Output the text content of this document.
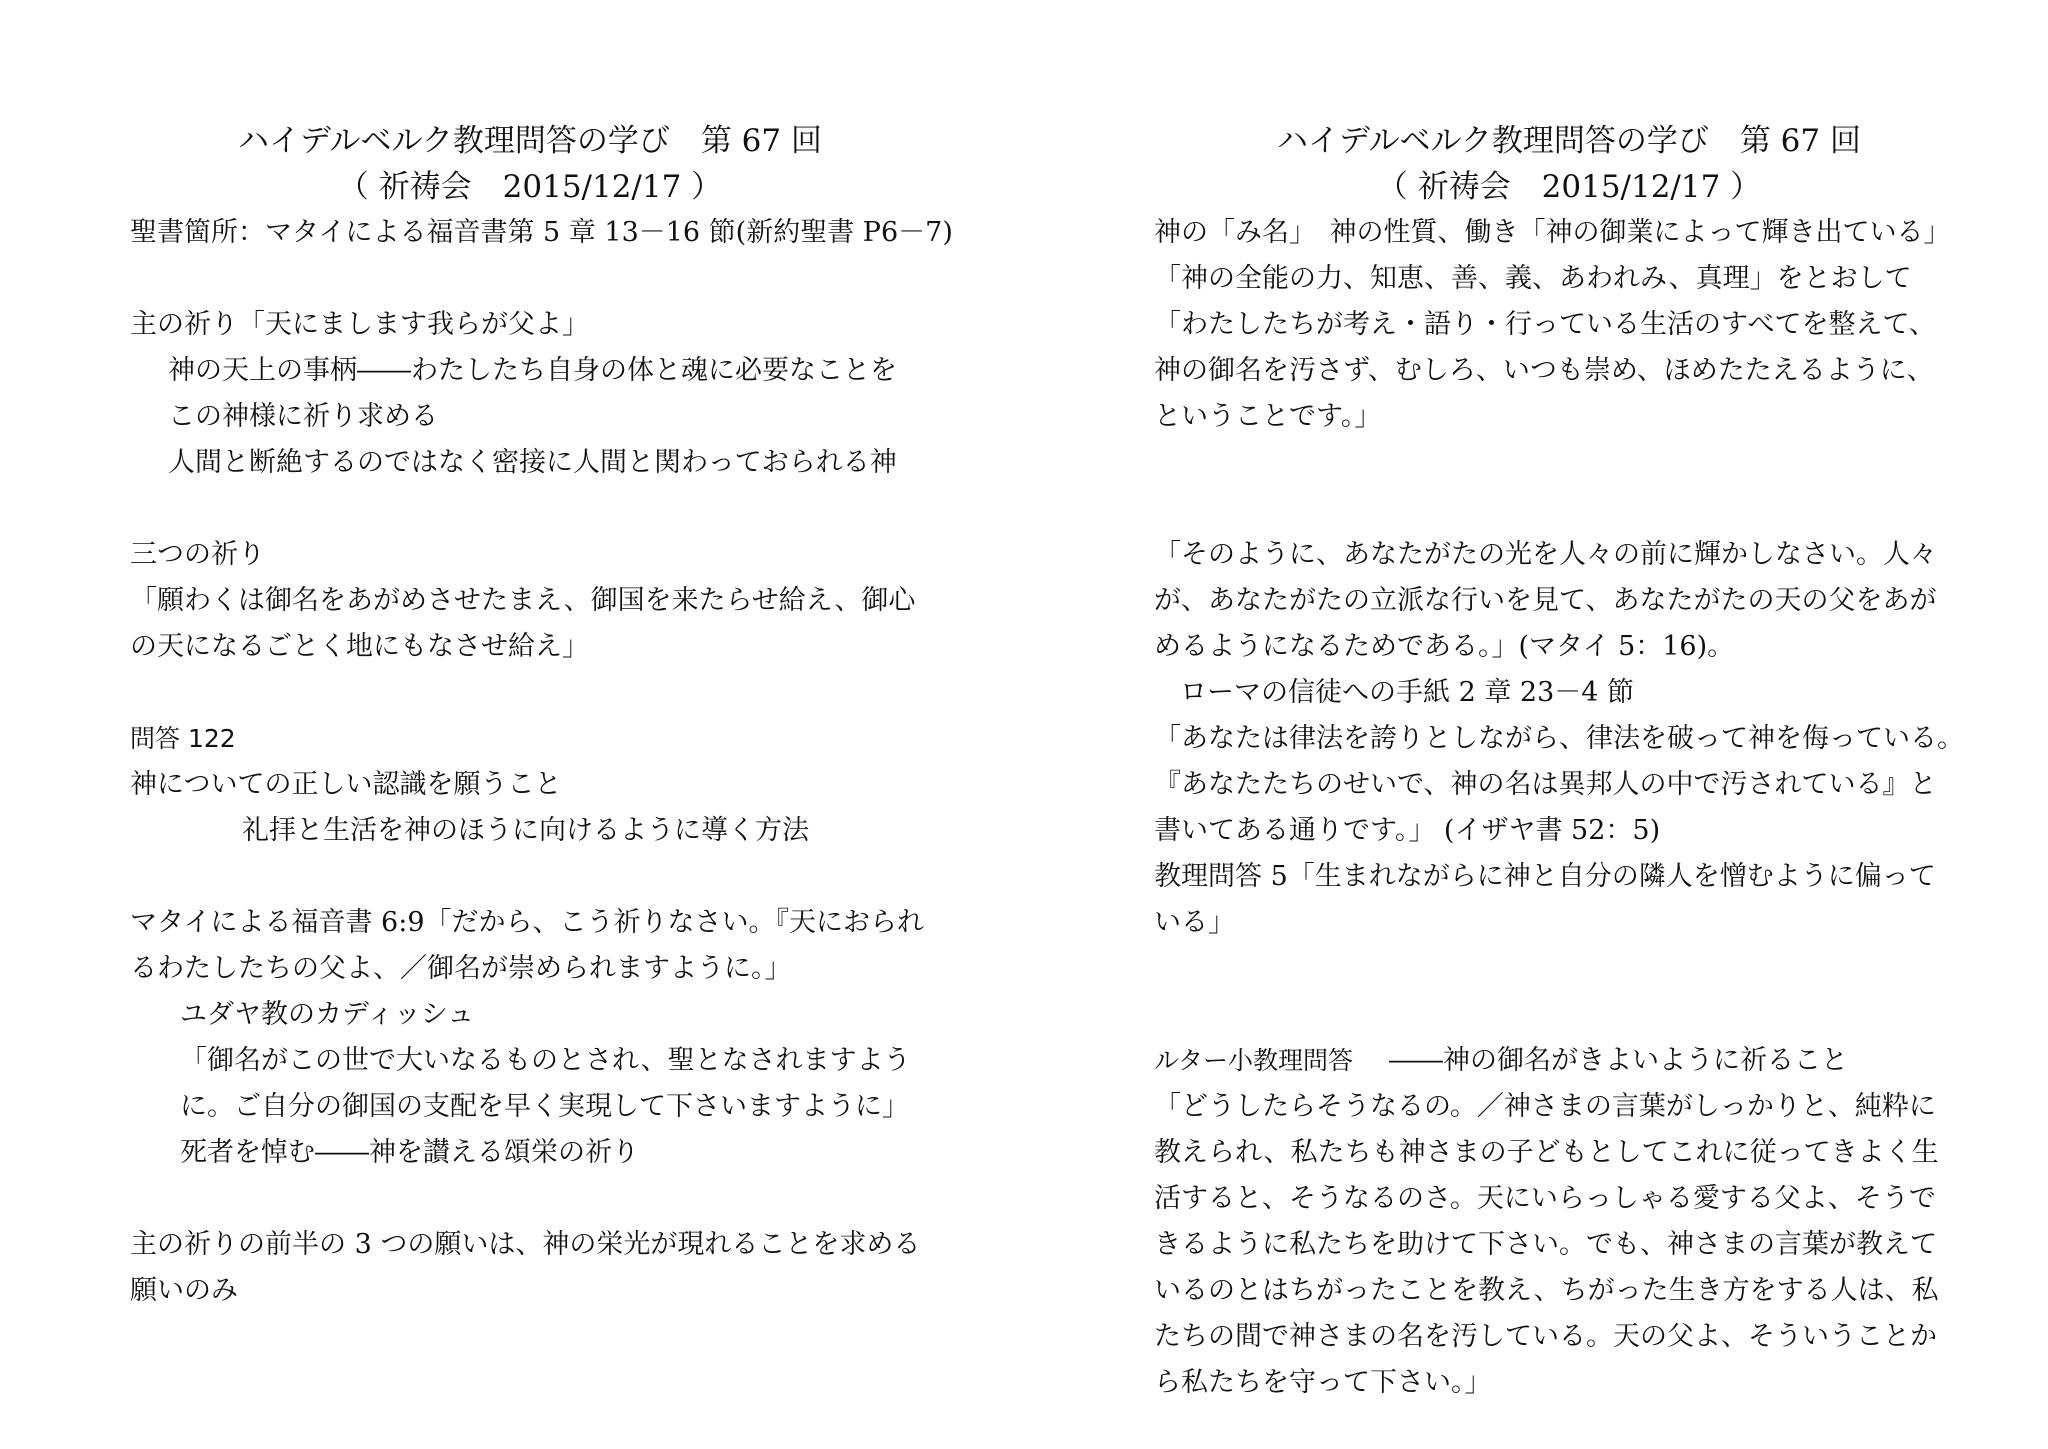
ハイデルベルク教理問答の学び　第 67 回
（ 祈祷会　2015/12/17 ）
聖書箇所：マタイによる福音書第 5 章 13－16 節(新約聖書 P6－7)
主の祈り「天にまします我らが父よ」
神の天上の事柄――わたしたち自身の体と魂に必要なことを
この神様に祈り求める
人間と断絶するのではなく密接に人間と関わっておられる神
三つの祈り
「願わくは御名をあがめさせたまえ、御国を来たらせ給え、御心
の天になるごとく地にもなさせ給え」
問答 122
神についての正しい認識を願うこと
礼拝と生活を神のほうに向けるように導く方法
マタイによる福音書 6:9「だから、こう祈りなさい。『天におられ
るわたしたちの父よ、／御名が崇められますように。」
ユダヤ教のカディッシュ
「御名がこの世で大いなるものとされ、聖となされますよう
に。ご自分の御国の支配を早く実現して下さいますように」
死者を悼む――神を讃える頌栄の祈り
主の祈りの前半の 3 つの願いは、神の栄光が現れることを求める
願いのみ
ハイデルベルク教理問答の学び　第 67 回
（ 祈祷会　2015/12/17 ）
神の「み名」　神の性質、働き「神の御業によって輝き出ている」
「神の全能の力、知恵、善、義、あわれみ、真理」をとおして
「わたしたちが考え・語り・行っている生活のすべてを整えて、
神の御名を汚さず、むしろ、いつも崇め、ほめたたえるように、
ということです。」
「そのように、あなたがたの光を人々の前に輝かしなさい。人々
が、あなたがたの立派な行いを見て、あなたがたの天の父をあが
めるようになるためである。」(マタイ 5：16)。
ローマの信徒への手紙 2 章 23－4 節
「あなたは律法を誇りとしながら、律法を破って神を侮っている。
『あなたたちのせいで、神の名は異邦人の中で汚されている』と
書いてある通りです。」 (イザヤ書 52：5)
教理問答 5「生まれながらに神と自分の隣人を憎むように偏って
いる」
ルター小教理問答 ――神の御名がきよいように祈ること
「どうしたらそうなるの。／神さまの言葉がしっかりと、純粋に
教えられ、私たちも神さまの子どもとしてこれに従ってきよく生
活すると、そうなるのさ。天にいらっしゃる愛する父よ、そうで
きるように私たちを助けて下さい。でも、神さまの言葉が教えて
いるのとはちがったことを教え、ちがった生き方をする人は、私
たちの間で神さまの名を汚している。天の父よ、そういうことか
ら私たちを守って下さい。」
